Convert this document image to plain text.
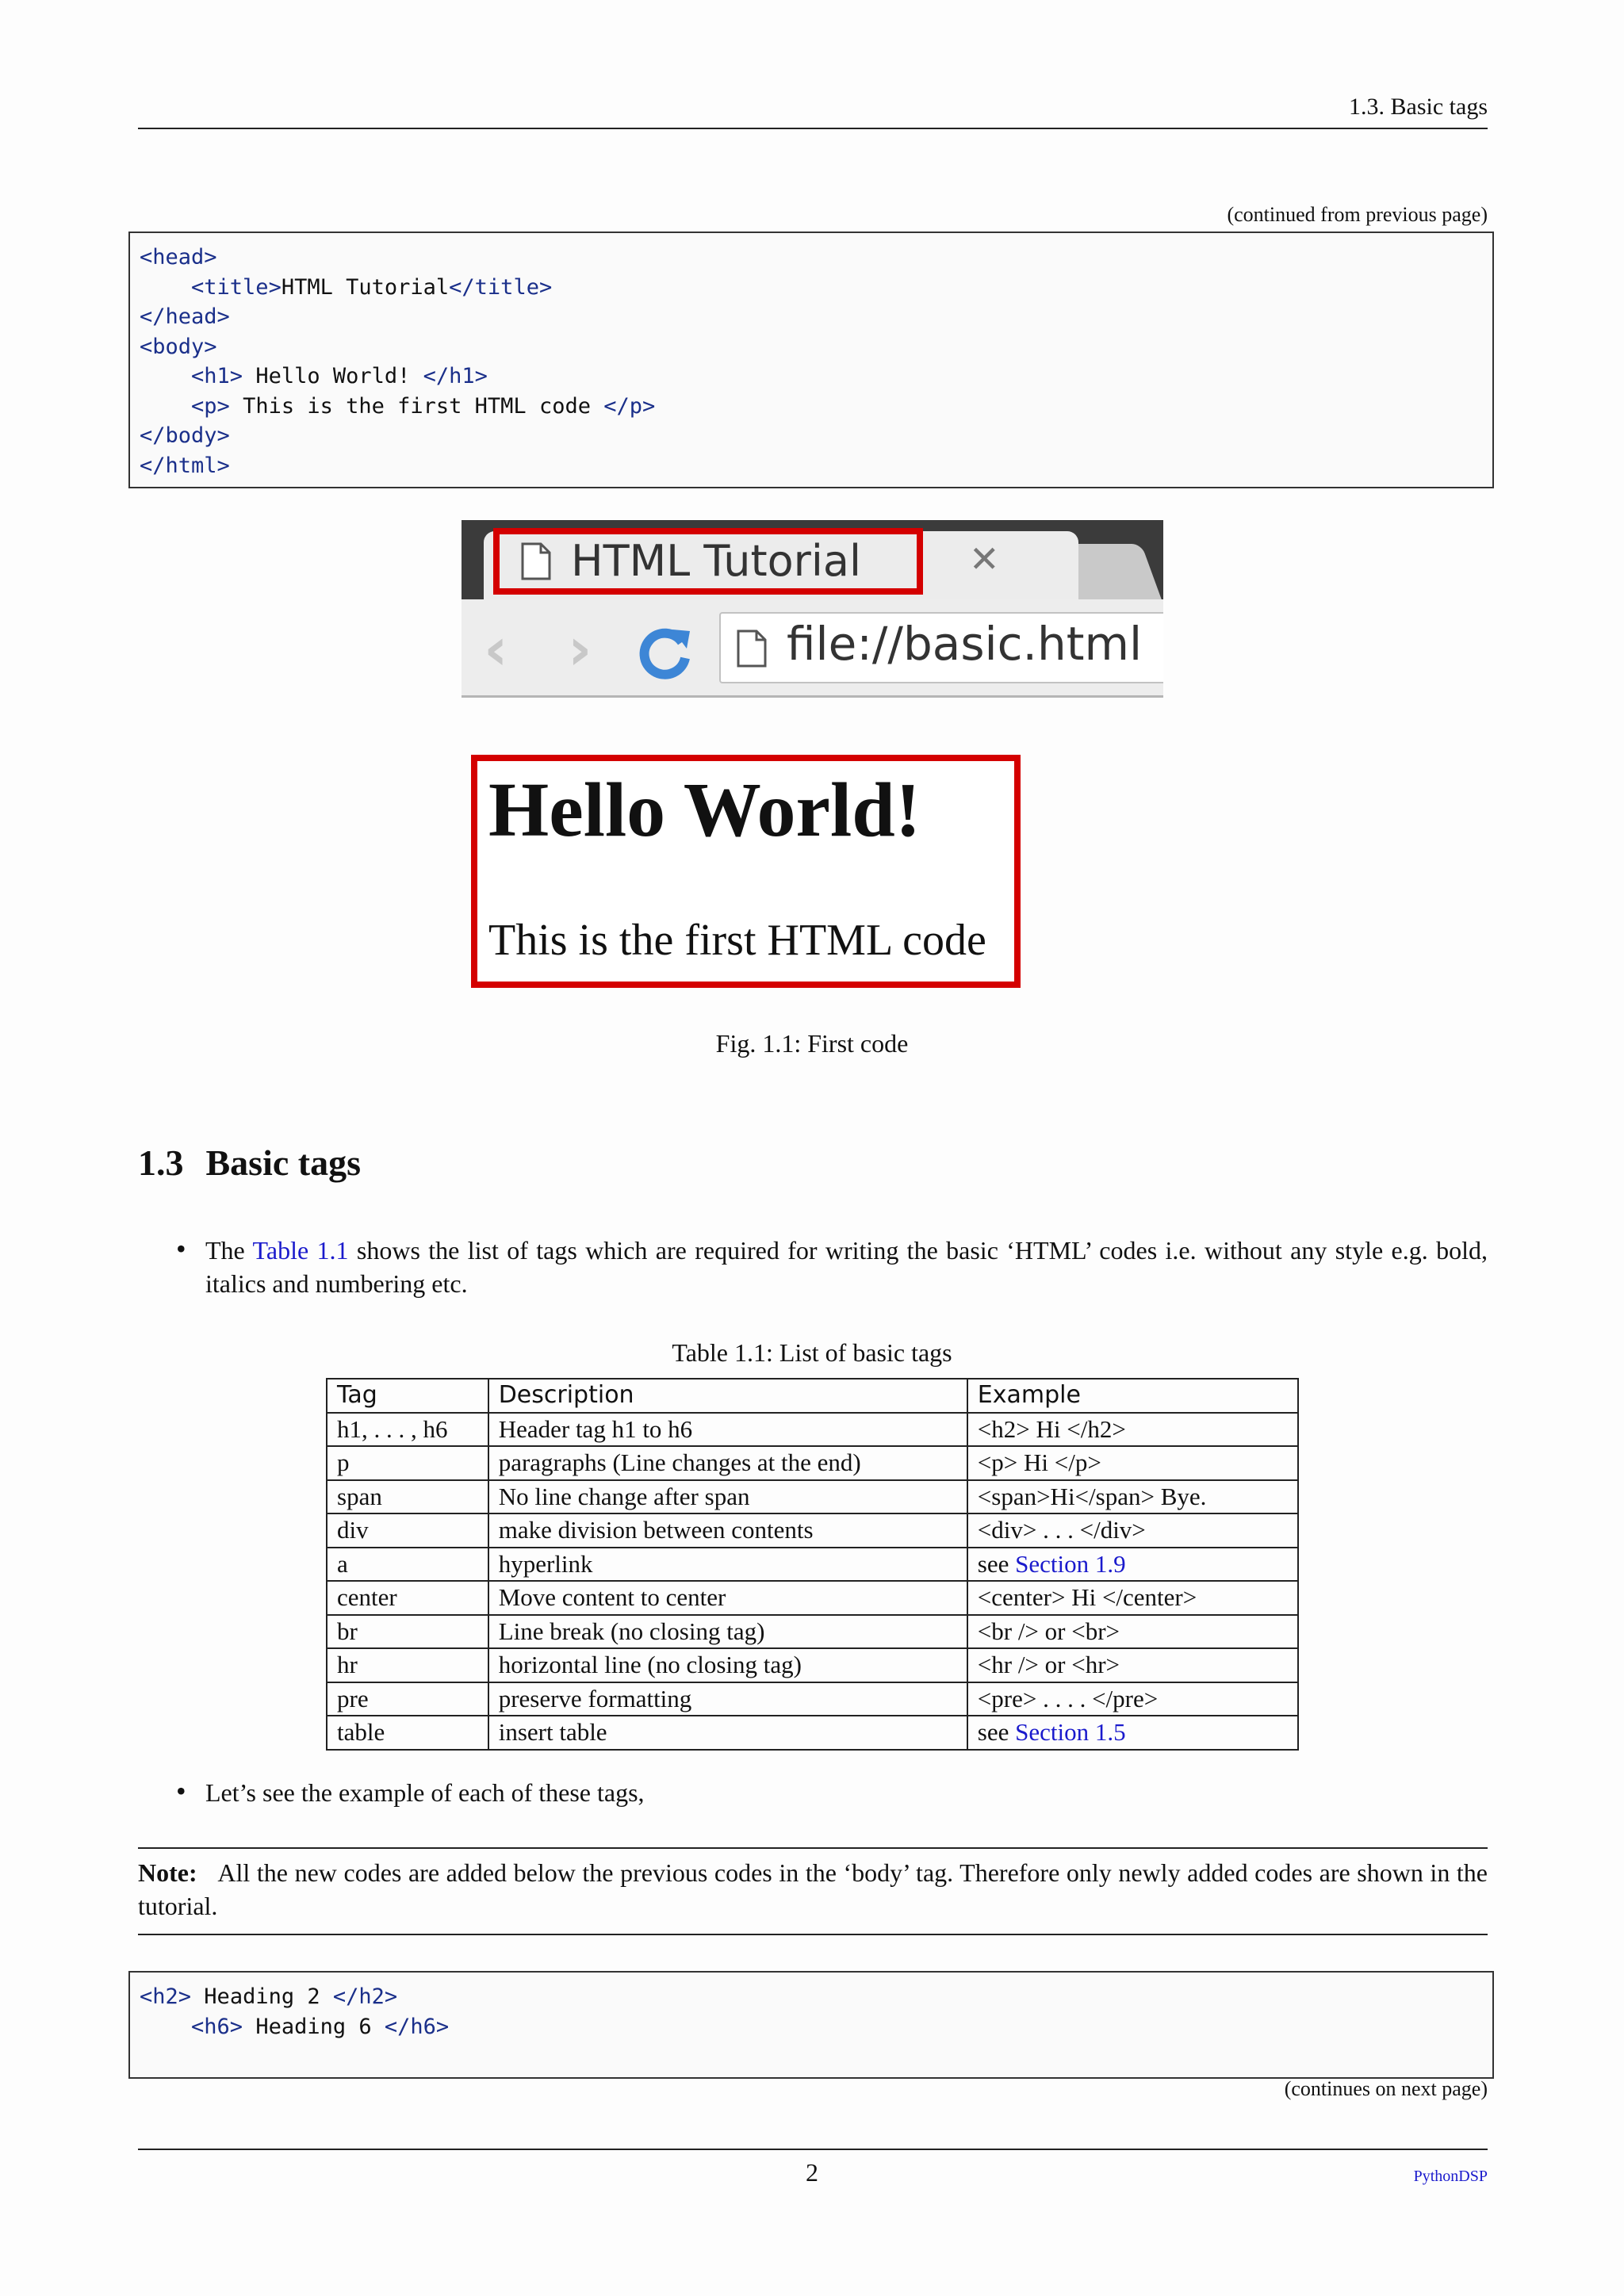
1.3. Basic tags
(continued from previous page)
<head>
<title>HTML Tutorial</title>
</head>
<body>
<h1> Hello World! </h1>
<p> This is the first HTML code </p>
</body>
</html>
HTML Tutorial	✕
‹ ›	file://basic.html
Hello World!
This is the first HTML code
Fig. 1.1: First code
1.3 Basic tags
• The Table 1.1 shows the list of tags which are required for writing the basic ‘HTML’ codes i.e. without any style e.g. bold, italics and numbering etc.
Table 1.1: List of basic tags
Tag	Description	Example
h1, . . . , h6	Header tag h1 to h6	<h2> Hi </h2>
p	paragraphs (Line changes at the end)	<p> Hi </p>
span	No line change after span	<span>Hi</span> Bye.
div	make division between contents	<div> . . . </div>
a	hyperlink	see Section 1.9
center	Move content to center	<center> Hi </center>
br	Line break (no closing tag)	<br /> or <br>
hr	horizontal line (no closing tag)	<hr /> or <hr>
pre	preserve formatting	<pre> . . . . </pre>
table	insert table	see Section 1.5
• Let’s see the example of each of these tags,
Note: All the new codes are added below the previous codes in the ‘body’ tag. Therefore only newly added codes are shown in the tutorial.
<h2> Heading 2 </h2>
<h6> Heading 6 </h6>
(continues on next page)
2	PythonDSP
